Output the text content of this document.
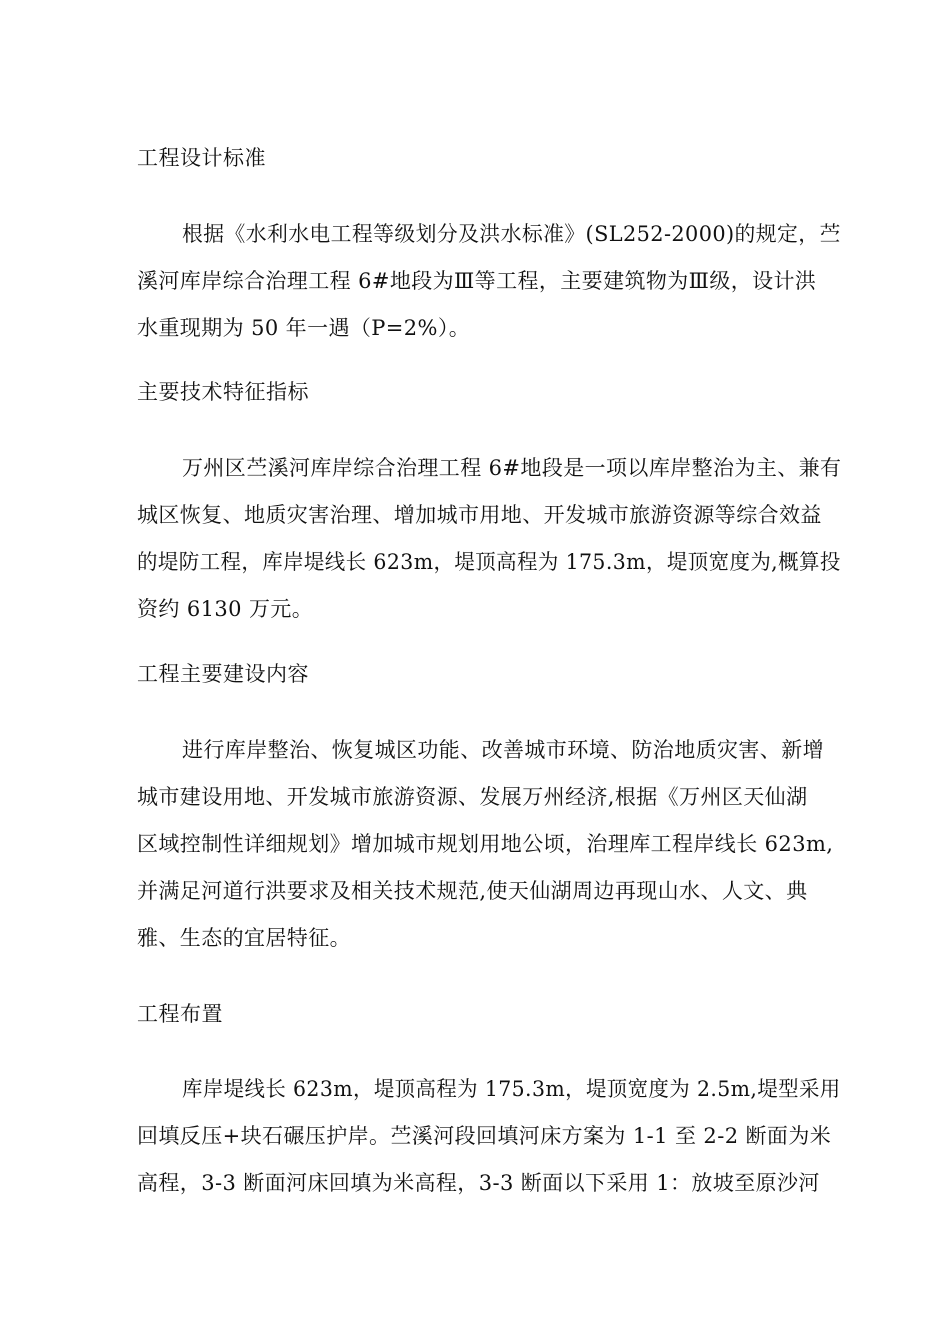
工程设计标准
根据《水利水电工程等级划分及洪水标准》(SL252-2000)的规定，苎
溪河库岸综合治理工程 6#地段为Ⅲ等工程，主要建筑物为Ⅲ级，设计洪
水重现期为 50 年一遇（P=2%）。
主要技术特征指标
万州区苎溪河库岸综合治理工程 6#地段是一项以库岸整治为主、兼有
城区恢复、地质灾害治理、增加城市用地、开发城市旅游资源等综合效益
的堤防工程，库岸堤线长 623m，堤顶高程为 175.3m，堤顶宽度为,概算投
资约 6130 万元。
工程主要建设内容
进行库岸整治、恢复城区功能、改善城市环境、防治地质灾害、新增
城市建设用地、开发城市旅游资源、发展万州经济,根据《万州区天仙湖
区域控制性详细规划》增加城市规划用地公顷，治理库工程岸线长 623m,
并满足河道行洪要求及相关技术规范,使天仙湖周边再现山水、人文、典
雅、生态的宜居特征。
工程布置
库岸堤线长 623m，堤顶高程为 175.3m，堤顶宽度为 2.5m,堤型采用
回填反压+块石碾压护岸。苎溪河段回填河床方案为 1-1 至 2-2 断面为米
高程，3-3 断面河床回填为米高程，3-3 断面以下采用 1：放坡至原沙河
